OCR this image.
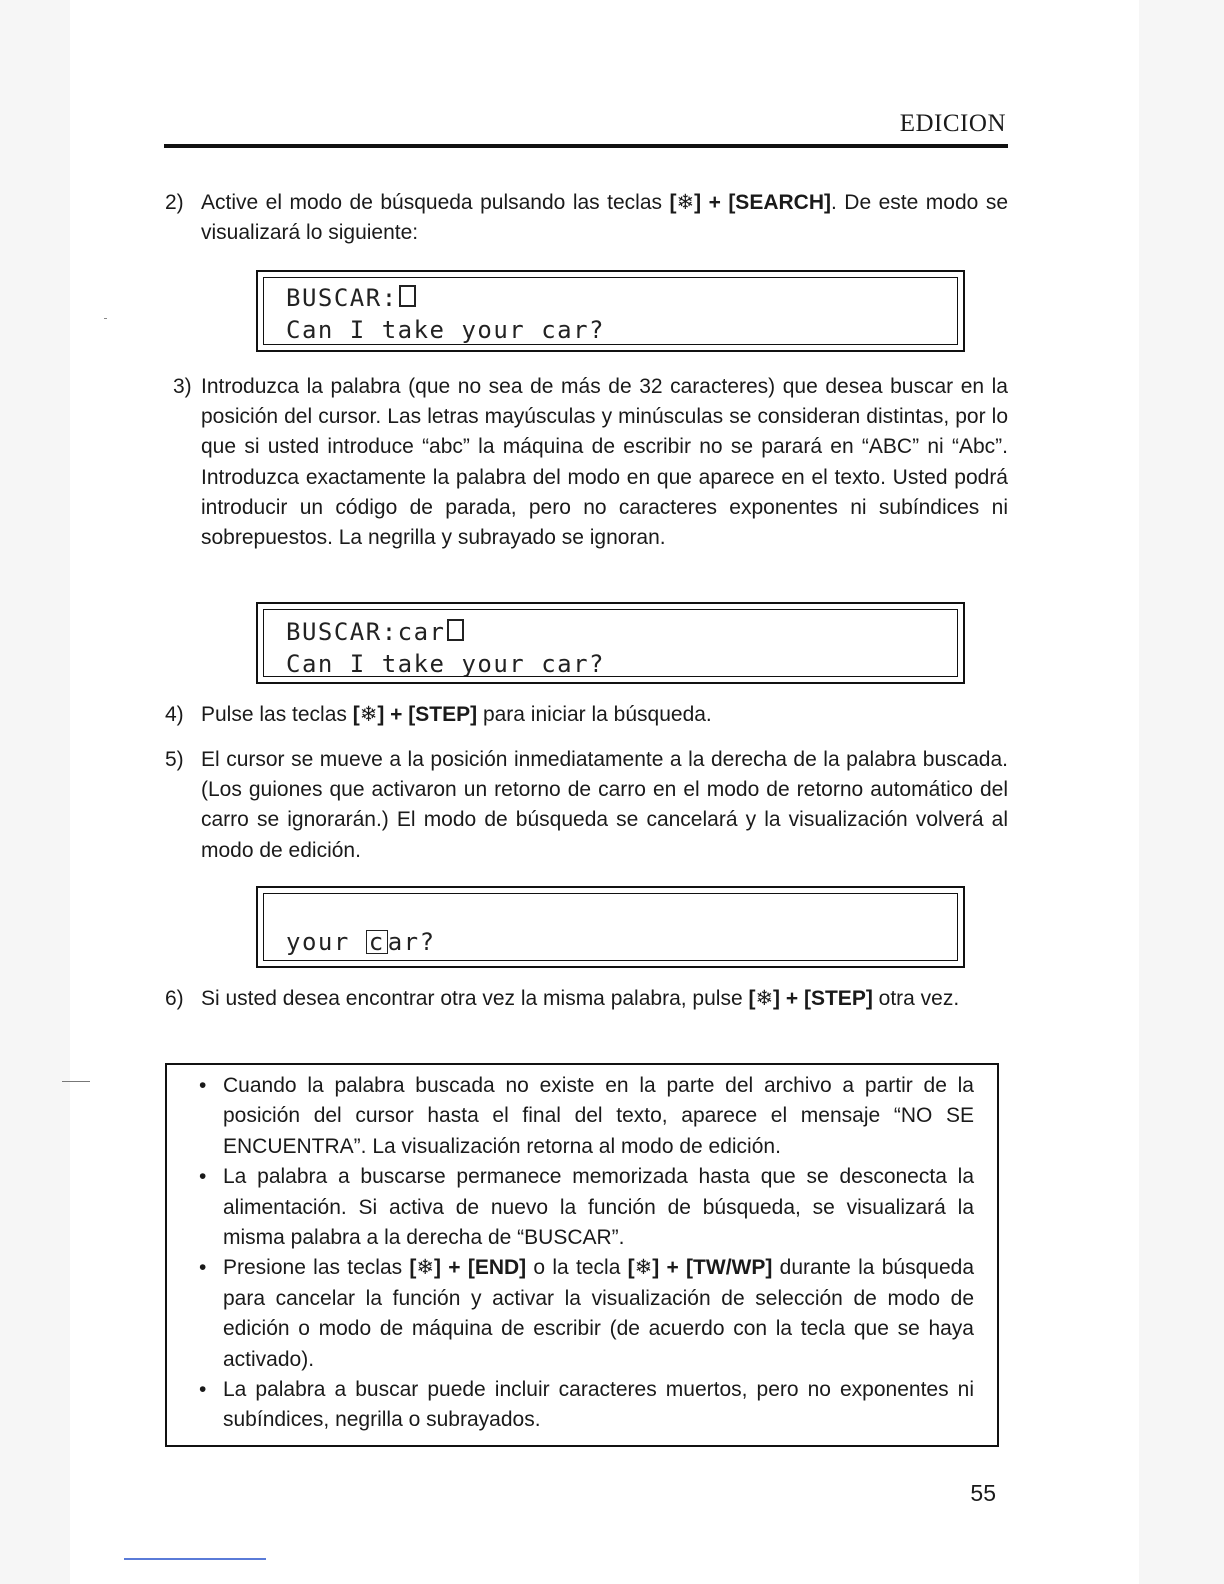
EDICION
2) Active el modo de búsqueda pulsando las teclas [❄] + [SEARCH]. De este modo se visualizará lo siguiente:
BUSCAR:
Can I take your car?
3) Introduzca la palabra (que no sea de más de 32 caracteres) que desea buscar en la posición del cursor. Las letras mayúsculas y minúsculas se consideran distintas, por lo que si usted introduce “abc” la máquina de escribir no se parará en “ABC” ni “Abc”. Introduzca exactamente la palabra del modo en que aparece en el texto. Usted podrá introducir un código de parada, pero no caracteres exponentes ni subíndices ni sobrepuestos. La negrilla y subrayado se ignoran.
BUSCAR:car
Can I take your car?
4) Pulse las teclas [❄] + [STEP] para iniciar la búsqueda.
5) El cursor se mueve a la posición inmediatamente a la derecha de la palabra buscada. (Los guiones que activaron un retorno de carro en el modo de retorno automático del carro se ignorarán.) El modo de búsqueda se cancelará y la visualización volverá al modo de edición.
your c ar?
6) Si usted desea encontrar otra vez la misma palabra, pulse [❄] + [STEP] otra vez.
• Cuando la palabra buscada no existe en la parte del archivo a partir de la posición del cursor hasta el final del texto, aparece el mensaje “NO SE ENCUENTRA”. La visualización retorna al modo de edición.
• La palabra a buscarse permanece memorizada hasta que se desconecta la alimentación. Si activa de nuevo la función de búsqueda, se visualizará la misma palabra a la derecha de “BUSCAR”.
• Presione las teclas [❄] + [END] o la tecla [❄] + [TW/WP] durante la búsqueda para cancelar la función y activar la visualización de selección de modo de edición o modo de máquina de escribir (de acuerdo con la tecla que se haya activado).
• La palabra a buscar puede incluir caracteres muertos, pero no exponentes ni subíndices, negrilla o subrayados.
55
